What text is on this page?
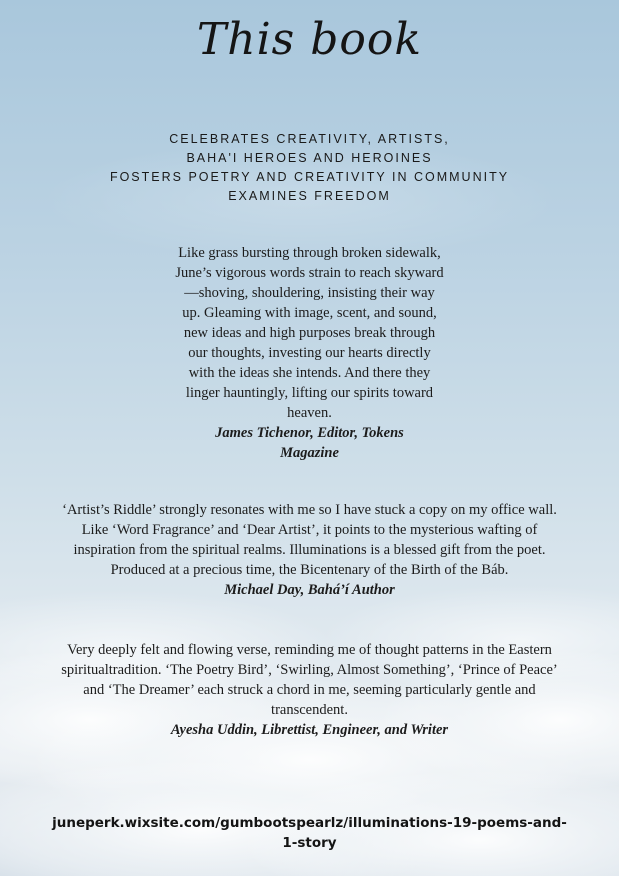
This book
CELEBRATES CREATIVITY, ARTISTS,
BAHA'I HEROES AND HEROINES
FOSTERS POETRY AND CREATIVITY IN COMMUNITY
EXAMINES FREEDOM
Like grass bursting through broken sidewalk, June’s vigorous words strain to reach skyward—shoving, shouldering, insisting their way up. Gleaming with image, scent, and sound, new ideas and high purposes break through our thoughts, investing our hearts directly with the ideas she intends. And there they linger hauntingly, lifting our spirits toward heaven.
James Tichenor, Editor, Tokens Magazine
‘Artist’s Riddle’ strongly resonates with me so I have stuck a copy on my office wall. Like ‘Word Fragrance’ and ‘Dear Artist’, it points to the mysterious wafting of inspiration from the spiritual realms. Illuminations is a blessed gift from the poet. Produced at a precious time, the Bicentenary of the Birth of the Báb.
Michael Day, Bahá’í Author
Very deeply felt and flowing verse, reminding me of thought patterns in the Eastern spiritualtradition. ‘The Poetry Bird’, ‘Swirling, Almost Something’, ‘Prince of Peace’ and ‘The Dreamer’ each struck a chord in me, seeming particularly gentle and transcendent.
Ayesha Uddin, Librettist, Engineer, and Writer
juneperk.wixsite.com/gumbootspearlz/illuminations-19-poems-and-1-story
